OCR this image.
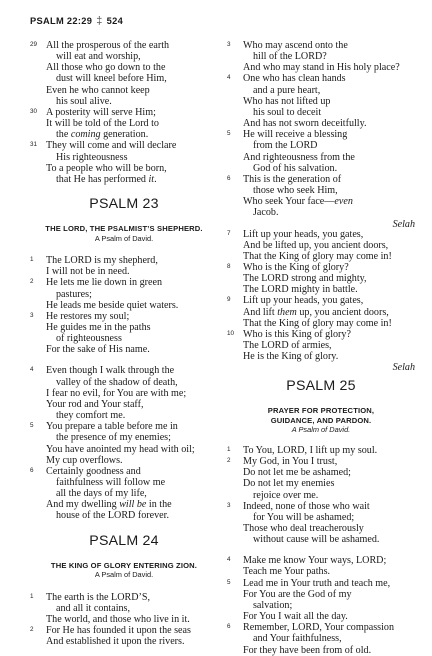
PSALM 22:29 ‡ 524
29 All the prosperous of the earth
will eat and worship,
All those who go down to the
dust will kneel before Him,
Even he who cannot keep
his soul alive.
30 A posterity will serve Him;
It will be told of the Lord to
the coming generation.
31 They will come and will declare
His righteousness
To a people who will be born,
that He has performed it.
PSALM 23
THE LORD, THE PSALMIST’S SHEPHERD.
A Psalm of David.
1	The LORD is my shepherd,
I will not be in need.
2	He lets me lie down in green
pastures;
He leads me beside quiet waters.
3	He restores my soul;
He guides me in the paths
of righteousness
For the sake of His name.
4	Even though I walk through the
valley of the shadow of death,
I fear no evil, for You are with me;
Your rod and Your staff,
they comfort me.
5	You prepare a table before me in
the presence of my enemies;
You have anointed my head with oil;
My cup overflows.
6	Certainly goodness and
faithfulness will follow me
all the days of my life,
And my dwelling will be in the
house of the LORD forever.
PSALM 24
THE KING OF GLORY ENTERING ZION.
A Psalm of David.
1	The earth is the LORD’S,
and all it contains,
The world, and those who live in it.
2	For He has founded it upon the seas
And established it upon the rivers.
3	Who may ascend onto the
hill of the LORD?
And who may stand in His holy place?
4	One who has clean hands
and a pure heart,
Who has not lifted up
his soul to deceit
And has not sworn deceitfully.
5	He will receive a blessing
from the LORD
And righteousness from the
God of his salvation.
6	This is the generation of
those who seek Him,
Who seek Your face—even
Jacob.
Selah
7	Lift up your heads, you gates,
And be lifted up, you ancient doors,
That the King of glory may come in!
8	Who is the King of glory?
The LORD strong and mighty,
The LORD mighty in battle.
9	Lift up your heads, you gates,
And lift them up, you ancient doors,
That the King of glory may come in!
10 Who is this King of glory?
The LORD of armies,
He is the King of glory.
Selah
PSALM 25
PRAYER FOR PROTECTION,
GUIDANCE, AND PARDON.
A Psalm of David.
1	To You, LORD, I lift up my soul.
2	My God, in You I trust,
Do not let me be ashamed;
Do not let my enemies
rejoice over me.
3	Indeed, none of those who wait
for You will be ashamed;
Those who deal treacherously
without cause will be ashamed.
4	Make me know Your ways, LORD;
Teach me Your paths.
5	Lead me in Your truth and teach me,
For You are the God of my
salvation;
For You I wait all the day.
6	Remember, LORD, Your compassion
and Your faithfulness,
For they have been from of old.
